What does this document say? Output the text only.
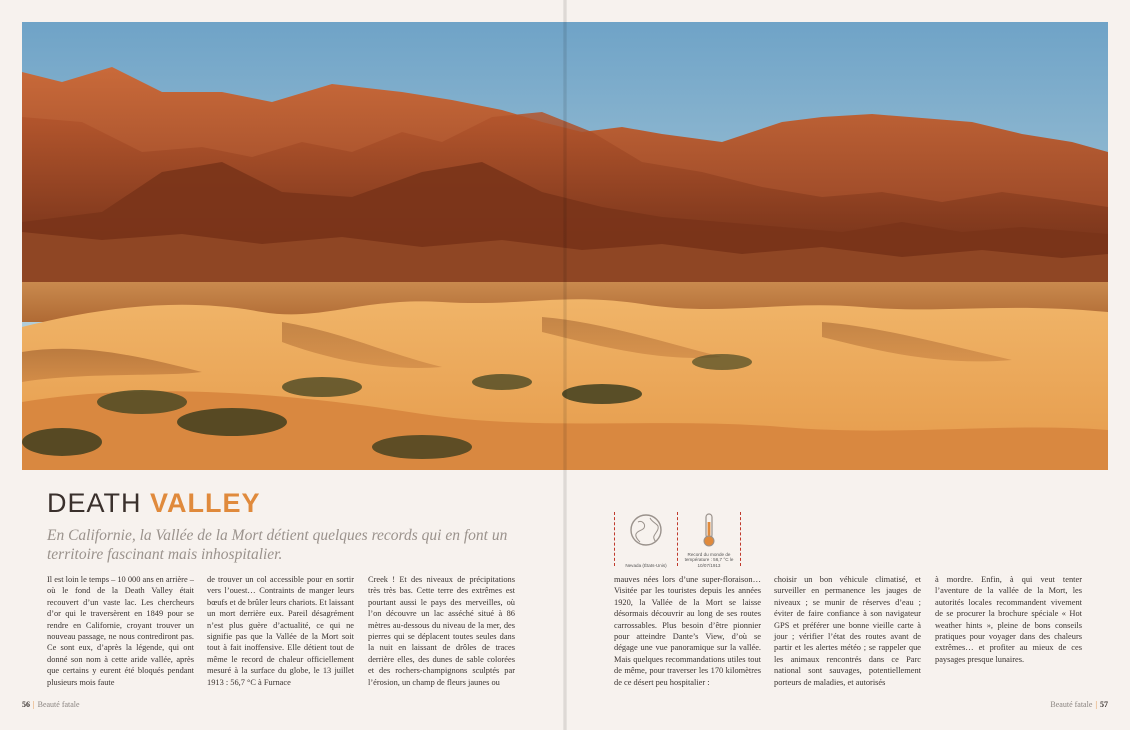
DEATH VALLEY
En Californie, la Vallée de la Mort détient quelques records qui en font un territoire fascinant mais inhospitalier.
Il est loin le temps – 10 000 ans en arrière – où le fond de la Death Valley était recouvert d’un vaste lac. Les chercheurs d’or qui le traversèrent en 1849 pour se rendre en Californie, croyant trouver un nouveau passage, ne nous contrediront pas. Ce sont eux, d’après la légende, qui ont donné son nom à cette aride vallée, après que certains y eurent été bloqués pendant plusieurs mois faute
de trouver un col accessible pour en sortir vers l’ouest… Contraints de manger leurs bœufs et de brûler leurs chariots. Et laissant un mort derrière eux. Pareil désagrément n’est plus guère d’actualité, ce qui ne signifie pas que la Vallée de la Mort soit tout à fait inoffensive. Elle détient tout de même le record de chaleur officiellement mesuré à la surface du globe, le 13 juillet 1913 : 56,7 °C à Furnace
Creek ! Et des niveaux de précipitations très très bas. Cette terre des extrêmes est pourtant aussi le pays des merveilles, où l’on découvre un lac asséché situé à 86 mètres au-dessous du niveau de la mer, des pierres qui se déplacent toutes seules dans la nuit en laissant de drôles de traces derrière elles, des dunes de sable colorées et des rochers-champignons sculptés par l’érosion, un champ de fleurs jaunes ou
Nevada (États-Unis)
Record du monde de température : 56,7 °C le 10/07/1913
mauves nées lors d’une super-floraison… Visitée par les touristes depuis les années 1920, la Vallée de la Mort se laisse désormais découvrir au long de ses routes carrossables. Plus besoin d’être pionnier pour atteindre Dante’s View, d’où se dégage une vue panoramique sur la vallée. Mais quelques recommandations utiles tout de même, pour traverser les 170 kilomètres de ce désert peu hospitalier :
choisir un bon véhicule climatisé, et surveiller en permanence les jauges de niveaux ; se munir de réserves d’eau ; éviter de faire confiance à son navigateur GPS et préférer une bonne vieille carte à jour ; vérifier l’état des routes avant de partir et les alertes météo ; se rappeler que les animaux rencontrés dans ce Parc national sont sauvages, potentiellement porteurs de maladies, et autorisés
à mordre. Enfin, à qui veut tenter l’aventure de la vallée de la Mort, les autorités locales recommandent vivement de se procurer la brochure spéciale « Hot weather hints », pleine de bons conseils pratiques pour voyager dans des chaleurs extrêmes… et profiter au mieux de ces paysages presque lunaires.
56 | Beauté fatale	Beauté fatale | 57
